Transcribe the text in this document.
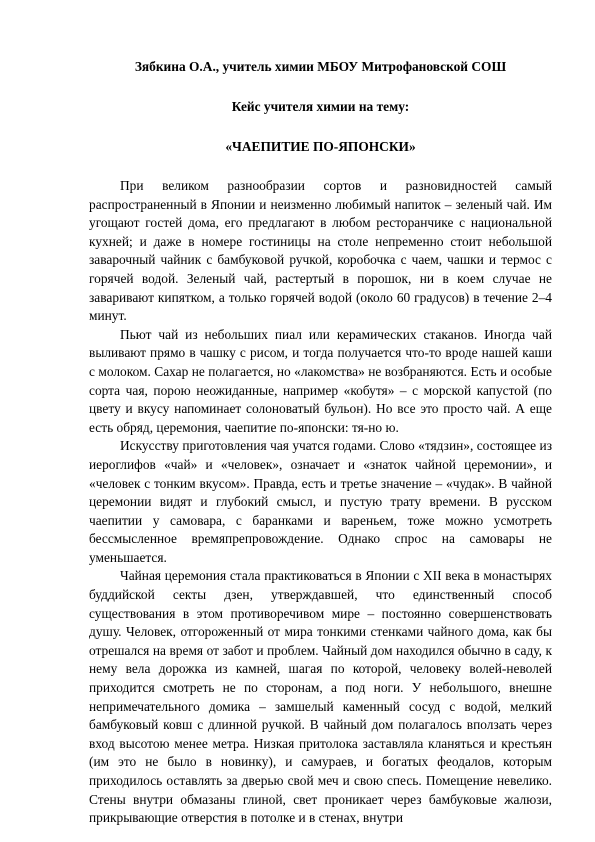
Зябкина О.А., учитель химии МБОУ Митрофановской СОШ

Кейс учителя химии на тему:

«ЧАЕПИТИЕ ПО-ЯПОНСКИ»

При великом разнообразии сортов и разновидностей самый распространенный в Японии и неизменно любимый напиток – зеленый чай. Им угощают гостей дома, его предлагают в любом ресторанчике с национальной кухней; и даже в номере гостиницы на столе непременно стоит небольшой заварочный чайник с бамбуковой ручкой, коробочка с чаем, чашки и термос с горячей водой. Зеленый чай, растертый в порошок, ни в коем случае не заваривают кипятком, а только горячей водой (около 60 градусов) в течение 2–4 минут.

Пьют чай из небольших пиал или керамических стаканов. Иногда чай выливают прямо в чашку с рисом, и тогда получается что-то вроде нашей каши с молоком. Сахар не полагается, но «лакомства» не возбраняются. Есть и особые сорта чая, порою неожиданные, например «кобутя» – с морской капустой (по цвету и вкусу напоминает солоноватый бульон). Но все это просто чай. А еще есть обряд, церемония, чаепитие по-японски: тя-но ю.

Искусству приготовления чая учатся годами. Слово «тядзин», состоящее из иероглифов «чай» и «человек», означает и «знаток чайной церемонии», и «человек с тонким вкусом». Правда, есть и третье значение – «чудак». В чайной церемонии видят и глубокий смысл, и пустую трату времени. В русском чаепитии у самовара, с баранками и вареньем, тоже можно усмотреть бессмысленное времяпрепровождение. Однако спрос на самовары не уменьшается.

Чайная церемония стала практиковаться в Японии с XII века в монастырях буддийской секты дзен, утверждавшей, что единственный способ существования в этом противоречивом мире – постоянно совершенствовать душу. Человек, отгороженный от мира тонкими стенками чайного дома, как бы отрешался на время от забот и проблем. Чайный дом находился обычно в саду, к нему вела дорожка из камней, шагая по которой, человеку волей-неволей приходится смотреть не по сторонам, а под ноги. У небольшого, внешне непримечательного домика – замшелый каменный сосуд с водой, мелкий бамбуковый ковш с длинной ручкой. В чайный дом полагалось вползать через вход высотою менее метра. Низкая притолока заставляла кланяться и крестьян (им это не было в новинку), и самураев, и богатых феодалов, которым приходилось оставлять за дверью свой меч и свою спесь. Помещение невелико. Стены внутри обмазаны глиной, свет проникает через бамбуковые жалюзи, прикрывающие отверстия в потолке и в стенах, внутри
